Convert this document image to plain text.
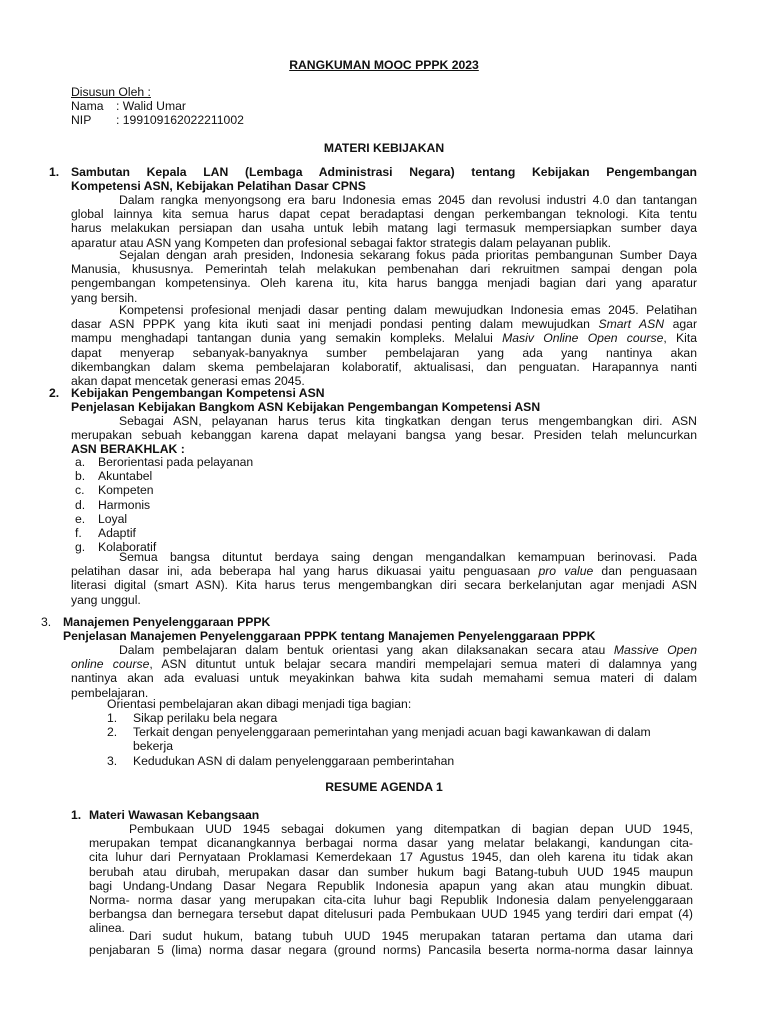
RANGKUMAN MOOC PPPK 2023
Disusun Oleh :
Nama : Walid Umar
NIP : 199109162022211002
MATERI KEBIJAKAN
1. Sambutan Kepala LAN (Lembaga Administrasi Negara) tentang Kebijakan Pengembangan
Kompetensi ASN, Kebijakan Pelatihan Dasar CPNS

Dalam rangka menyongsong era baru Indonesia emas 2045 dan revolusi industri 4.0 dan tantangan

global lainnya kita semua harus dapat cepat beradaptasi dengan perkembangan teknologi. Kita tentu

harus melakukan persiapan dan usaha untuk lebih matang lagi termasuk mempersiapkan sumber daya

aparatur atau ASN yang Kompeten dan profesional sebagai faktor strategis dalam pelayanan publik.

Sejalan dengan arah presiden, Indonesia sekarang fokus pada prioritas pembangunan Sumber Daya

Manusia, khususnya. Pemerintah telah melakukan pembenahan dari rekruitmen sampai dengan pola

pengembangan kompetensinya. Oleh karena itu, kita harus bangga menjadi bagian dari yang aparatur

yang bersih.

Kompetensi profesional menjadi dasar penting dalam mewujudkan Indonesia emas 2045. Pelatihan

dasar ASN PPPK yang kita ikuti saat ini menjadi pondasi penting dalam mewujudkan Smart ASN agar

mampu menghadapi tantangan dunia yang semakin kompleks. Melalui Masiv Online Open course, Kita

dapat menyerap sebanyak-banyaknya sumber pembelajaran yang ada yang nantinya akan

dikembangkan dalam skema pembelajaran kolaboratif, aktualisasi, dan penguatan. Harapannya nanti

akan dapat mencetak generasi emas 2045.

2. Kebijakan Pengembangan Kompetensi ASN
Penjelasan Kebijakan Bangkom ASN Kebijakan Pengembangan Kompetensi ASN

Sebagai ASN, pelayanan harus terus kita tingkatkan dengan terus mengembangkan diri. ASN

merupakan sebuah kebanggan karena dapat melayani bangsa yang besar. Presiden telah meluncurkan

ASN BERAKHLAK :

a.	Berorientasi pada pelayanan
b.	Akuntabel
c.	Kompeten
d.	Harmonis
e.	Loyal
f.	Adaptif
g.	Kolaboratif

Semua bangsa dituntut berdaya saing dengan mengandalkan kemampuan berinovasi. Pada

pelatihan dasar ini, ada beberapa hal yang harus dikuasai yaitu penguasaan pro value dan penguasaan

literasi digital (smart ASN). Kita harus terus mengembangkan diri secara berkelanjutan agar menjadi ASN

yang unggul.

3. Manajemen Penyelenggaraan PPPK
Penjelasan Manajemen Penyelenggaraan PPPK tentang Manajemen Penyelenggaraan PPPK

Dalam pembelajaran dalam bentuk orientasi yang akan dilaksanakan secara atau Massive Open

online course, ASN dituntut untuk belajar secara mandiri mempelajari semua materi di dalamnya yang

nantinya akan ada evaluasi untuk meyakinkan bahwa kita sudah memahami semua materi di dalam

pembelajaran.

Orientasi pembelajaran akan dibagi menjadi tiga bagian:
1.	Sikap perilaku bela negara
2.	Terkait dengan penyelenggaraan pemerintahan yang menjadi acuan bagi kawankawan di dalam
bekerja
3.	Kedudukan ASN di dalam penyelenggaraan pemberintahan
RESUME AGENDA 1
1. Materi Wawasan Kebangsaan

Pembukaan UUD 1945 sebagai dokumen yang ditempatkan di bagian depan UUD 1945,

merupakan tempat dicanangkannya berbagai norma dasar yang melatar belakangi, kandungan cita-

cita luhur dari Pernyataan Proklamasi Kemerdekaan 17 Agustus 1945, dan oleh karena itu tidak akan

berubah atau dirubah, merupakan dasar dan sumber hukum bagi Batang-tubuh UUD 1945 maupun

bagi Undang-Undang Dasar Negara Republik Indonesia apapun yang akan atau mungkin dibuat.

Norma- norma dasar yang merupakan cita-cita luhur bagi Republik Indonesia dalam penyelenggaraan

berbangsa dan bernegara tersebut dapat ditelusuri pada Pembukaan UUD 1945 yang terdiri dari empat (4)

alinea.

Dari sudut hukum, batang tubuh UUD 1945 merupakan tataran pertama dan utama dari

penjabaran 5 (lima) norma dasar negara (ground norms) Pancasila beserta norma-norma dasar lainnya
